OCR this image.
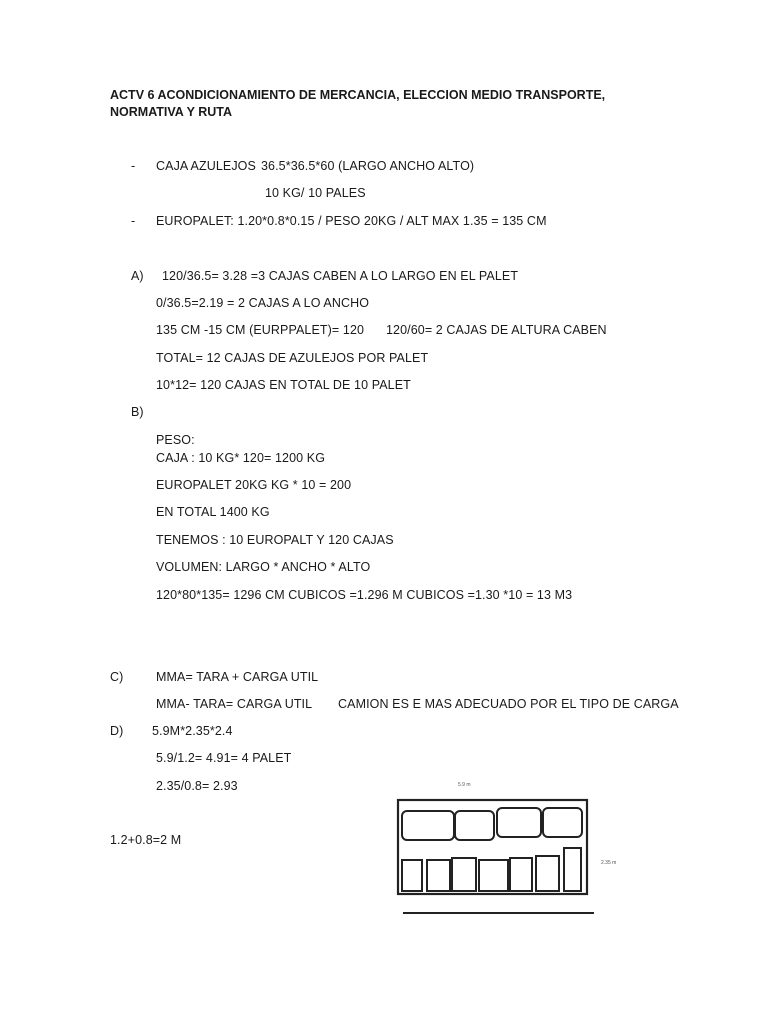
ACTV 6 ACONDICIONAMIENTO DE MERCANCIA, ELECCION MEDIO TRANSPORTE, NORMATIVA Y RUTA
- CAJA AZULEJOS 36.5*36.5*60 (LARGO ANCHO ALTO)
10 KG/ 10 PALES
- EUROPALET: 1.20*0.8*0.15 / PESO 20KG / ALT MAX 1.35 = 135 CM
A) 120/36.5= 3.28 =3 CAJAS CABEN A LO LARGO EN EL PALET
0/36.5=2.19 = 2 CAJAS A LO ANCHO
135 CM -15 CM (EURPPALET)= 120 120/60= 2 CAJAS DE ALTURA CABEN
TOTAL= 12 CAJAS DE AZULEJOS POR PALET
10*12= 120 CAJAS EN TOTAL DE 10 PALET
B)
PESO:
CAJA : 10 KG* 120= 1200 KG
EUROPALET 20KG KG * 10 = 200
EN TOTAL 1400 KG
TENEMOS : 10 EUROPALT Y 120 CAJAS
VOLUMEN: LARGO * ANCHO * ALTO
120*80*135= 1296 CM CUBICOS =1.296 M CUBICOS =1.30 *10 = 13 M3
C)	MMA= TARA + CARGA UTIL
MMA- TARA= CARGA UTIL CAMION ES E MAS ADECUADO POR EL TIPO DE CARGA
D) 5.9M*2.35*2.4
5.9/1.2= 4.91= 4 PALET
2.35/0.8= 2.93
1.2+0.8=2 M
5.9 m
2.35 m
